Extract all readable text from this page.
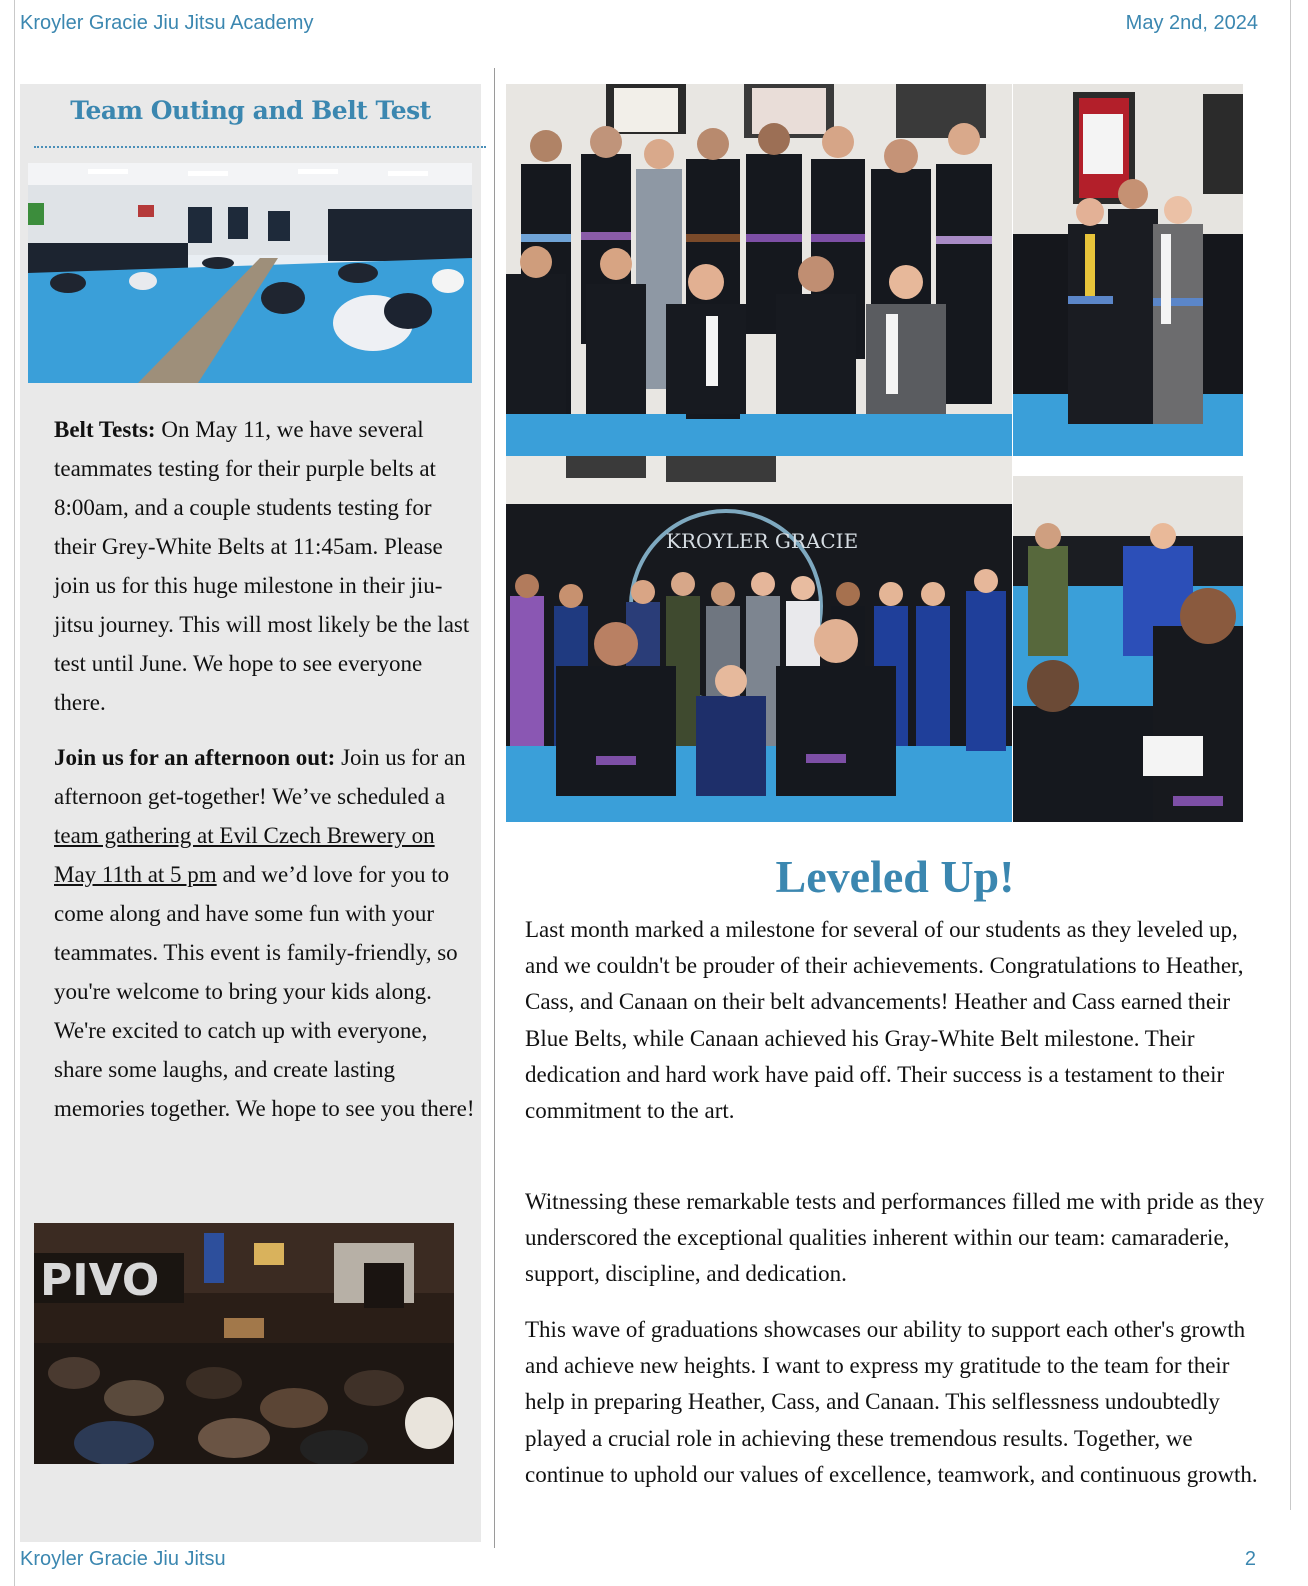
Kroyler Gracie Jiu Jitsu Academy	May 2nd, 2024
Team Outing and Belt Test
Belt Tests: On May 11, we have several teammates testing for their purple belts at 8:00am, and a couple students testing for their Grey-White Belts at 11:45am. Please join us for this huge milestone in their jiu-jitsu journey. This will most likely be the last test until June. We hope to see everyone there.
Join us for an afternoon out: Join us for an afternoon get-together! We’ve scheduled a team gathering at Evil Czech Brewery on May 11th at 5 pm and we’d love for you to come along and have some fun with your teammates. This event is family-friendly, so you're welcome to bring your kids along. We're excited to catch up with everyone, share some laughs, and create lasting memories together. We hope to see you there!
PIVO
KROYLER GRACIE
Leveled Up!
Last month marked a milestone for several of our students as they leveled up, and we couldn't be prouder of their achievements. Congratulations to Heather, Cass, and Canaan on their belt advancements! Heather and Cass earned their Blue Belts, while Canaan achieved his Gray-White Belt milestone. Their dedication and hard work have paid off. Their success is a testament to their commitment to the art.
Witnessing these remarkable tests and performances filled me with pride as they underscored the exceptional qualities inherent within our team: camaraderie, support, discipline, and dedication.
This wave of graduations showcases our ability to support each other's growth and achieve new heights. I want to express my gratitude to the team for their help in preparing Heather, Cass, and Canaan. This selflessness undoubtedly played a crucial role in achieving these tremendous results. Together, we continue to uphold our values of excellence, teamwork, and continuous growth.
Kroyler Gracie Jiu Jitsu	2
